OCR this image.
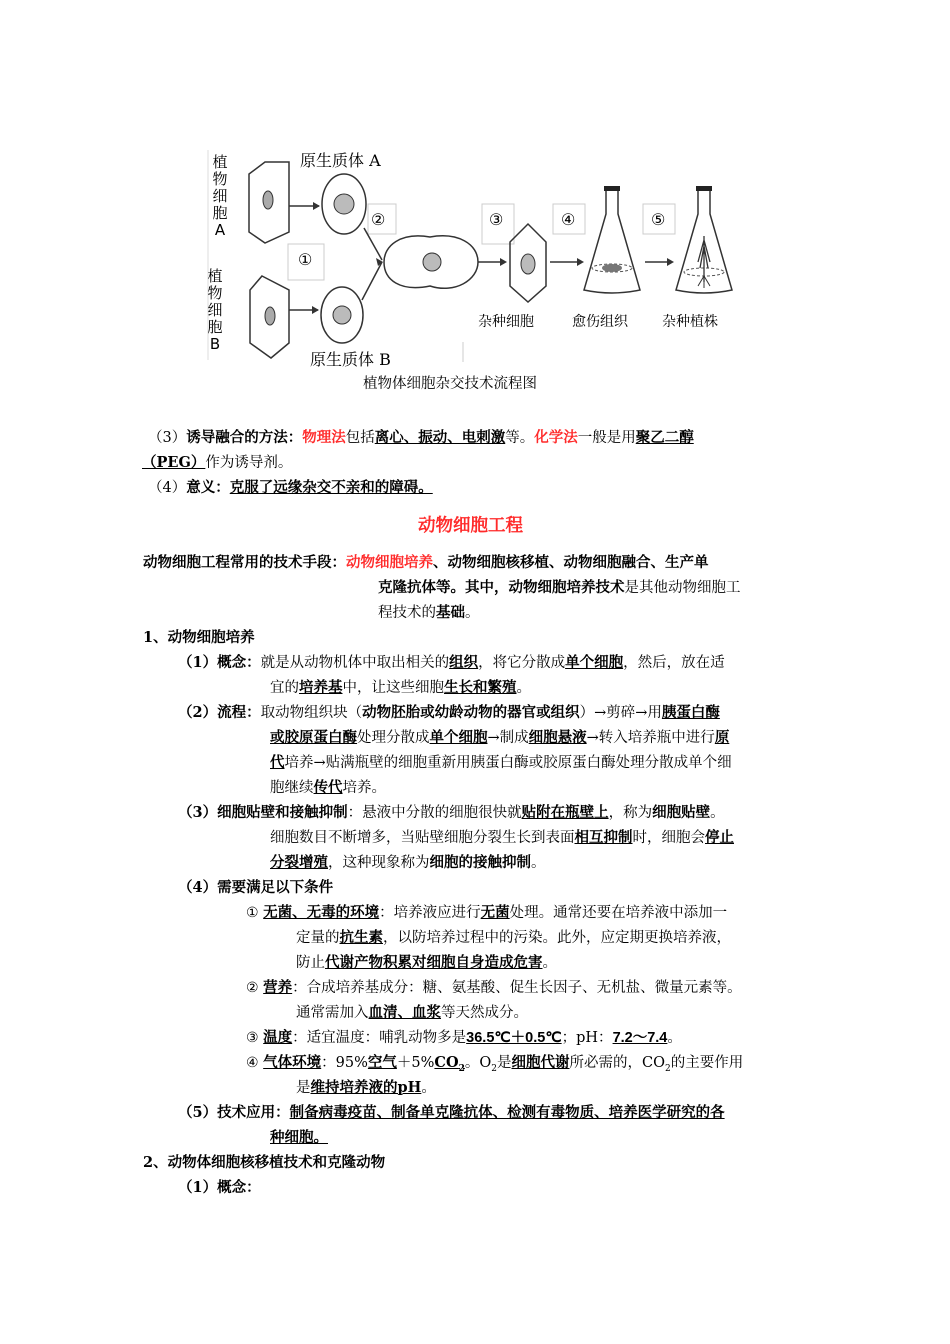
植物细胞A
植物细胞B
原生质体 A
原生质体 B
①
②	③	④	⑤
杂种细胞	愈伤组织 杂种植株
植物体细胞杂交技术流程图
（3）诱导融合的方法：物理法包括离心、振动、电刺激等。化学法一般是用聚乙二醇
（PEG）作为诱导剂。
（4）意义：克服了远缘杂交不亲和的障碍。
动物细胞工程
动物细胞工程常用的技术手段：动物细胞培养、动物细胞核移植、动物细胞融合、生产单
克隆抗体等。其中，动物细胞培养技术是其他动物细胞工
程技术的基础。
1、动物细胞培养
（1）概念：就是从动物机体中取出相关的组织，将它分散成单个细胞，然后，放在适
宜的培养基中，让这些细胞生长和繁殖。
（2）流程：取动物组织块（动物胚胎或幼龄动物的器官或组织）→剪碎→用胰蛋白酶
或胶原蛋白酶处理分散成单个细胞→制成细胞悬液→转入培养瓶中进行原
代培养→贴满瓶壁的细胞重新用胰蛋白酶或胶原蛋白酶处理分散成单个细
胞继续传代培养。
（3）细胞贴壁和接触抑制：悬液中分散的细胞很快就贴附在瓶壁上，称为细胞贴壁。
细胞数目不断增多，当贴壁细胞分裂生长到表面相互抑制时，细胞会停止
分裂增殖，这种现象称为细胞的接触抑制。
（4）需要满足以下条件
① 无菌、无毒的环境：培养液应进行无菌处理。通常还要在培养液中添加一
定量的抗生素，以防培养过程中的污染。此外，应定期更换培养液，
防止代谢产物积累对细胞自身造成危害。
② 营养：合成培养基成分：糖、氨基酸、促生长因子、无机盐、微量元素等。
通常需加入血清、血浆等天然成分。
③ 温度：适宜温度：哺乳动物多是36.5℃＋0.5℃；pH：7.2～7.4。
④ 气体环境：95%空气$+5\%CO_2$。$O_2$是细胞代谢所必需的，$CO_2$的主要作用
是维持培养液的pH。
（5）技术应用：制备病毒疫苗、制备单克隆抗体、检测有毒物质、培养医学研究的各
种细胞。
2、动物体细胞核移植技术和克隆动物
（1）概念：
